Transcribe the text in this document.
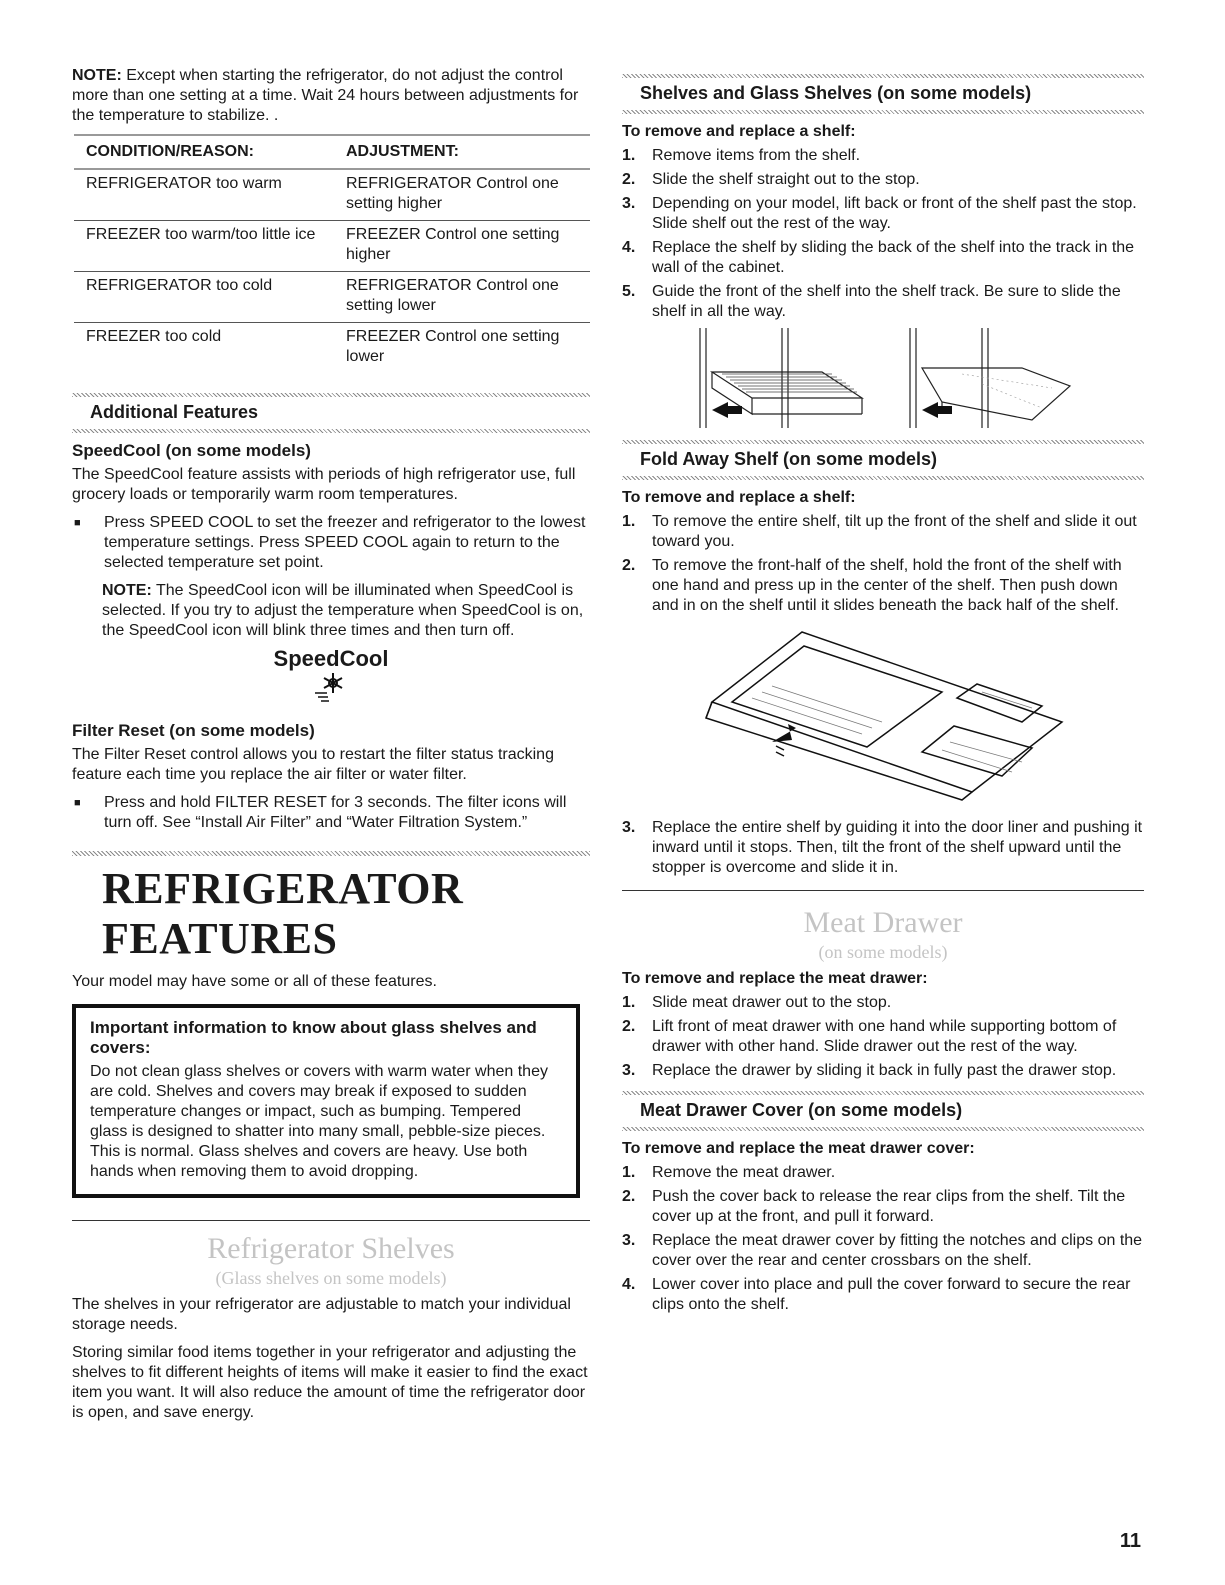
NOTE: Except when starting the refrigerator, do not adjust the control more than one setting at a time. Wait 24 hours between adjustments for the temperature to stabilize. .

CONDITION/REASON:	ADJUSTMENT:
REFRIGERATOR too warm	REFRIGERATOR Control one setting higher
FREEZER too warm/too little ice	FREEZER Control one setting higher
REFRIGERATOR too cold	REFRIGERATOR Control one setting lower
FREEZER too cold	FREEZER Control one setting lower
Additional Features
SpeedCool (on some models)

The SpeedCool feature assists with periods of high refrigerator use, full grocery loads or temporarily warm room temperatures.

■	Press SPEED COOL to set the freezer and refrigerator to the lowest temperature settings. Press SPEED COOL again to return to the selected temperature set point.

NOTE: The SpeedCool icon will be illuminated when SpeedCool is selected. If you try to adjust the temperature when SpeedCool is on, the SpeedCool icon will blink three times and then turn off.

SpeedCool
Filter Reset (on some models)

The Filter Reset control allows you to restart the filter status tracking feature each time you replace the air filter or water filter.

■	Press and hold FILTER RESET for 3 seconds. The filter icons will turn off. See “Install Air Filter” and “Water Filtration System.”
REFRIGERATOR FEATURES

Your model may have some or all of these features.

Important information to know about glass shelves and covers:
Do not clean glass shelves or covers with warm water when they are cold. Shelves and covers may break if exposed to sudden temperature changes or impact, such as bumping. Tempered glass is designed to shatter into many small, pebble-size pieces. This is normal. Glass shelves and covers are heavy. Use both hands when removing them to avoid dropping.
Refrigerator Shelves
(Glass shelves on some models)

The shelves in your refrigerator are adjustable to match your individual storage needs.

Storing similar food items together in your refrigerator and adjusting the shelves to fit different heights of items will make it easier to find the exact item you want. It will also reduce the amount of time the refrigerator door is open, and save energy.

Shelves and Glass Shelves (on some models)
To remove and replace a shelf:
1.	Remove items from the shelf.
2.	Slide the shelf straight out to the stop.
3.	Depending on your model, lift back or front of the shelf past the stop. Slide shelf out the rest of the way.
4.	Replace the shelf by sliding the back of the shelf into the track in the wall of the cabinet.
5.	Guide the front of the shelf into the shelf track. Be sure to slide the shelf in all the way.
Fold Away Shelf (on some models)
To remove and replace a shelf:
1.	To remove the entire shelf, tilt up the front of the shelf and slide it out toward you.
2.	To remove the front-half of the shelf, hold the front of the shelf with one hand and press up in the center of the shelf. Then push down and in on the shelf until it slides beneath the back half of the shelf.
3.	Replace the entire shelf by guiding it into the door liner and pushing it inward until it stops. Then, tilt the front of the shelf upward until the stopper is overcome and slide it in.
Meat Drawer
(on some models)
To remove and replace the meat drawer:
1.	Slide meat drawer out to the stop.
2.	Lift front of meat drawer with one hand while supporting bottom of drawer with other hand. Slide drawer out the rest of the way.
3.	Replace the drawer by sliding it back in fully past the drawer stop.
Meat Drawer Cover (on some models)
To remove and replace the meat drawer cover:
1.	Remove the meat drawer.
2.	Push the cover back to release the rear clips from the shelf. Tilt the cover up at the front, and pull it forward.
3.	Replace the meat drawer cover by fitting the notches and clips on the cover over the rear and center crossbars on the shelf.
4.	Lower cover into place and pull the cover forward to secure the rear clips onto the shelf.
11
